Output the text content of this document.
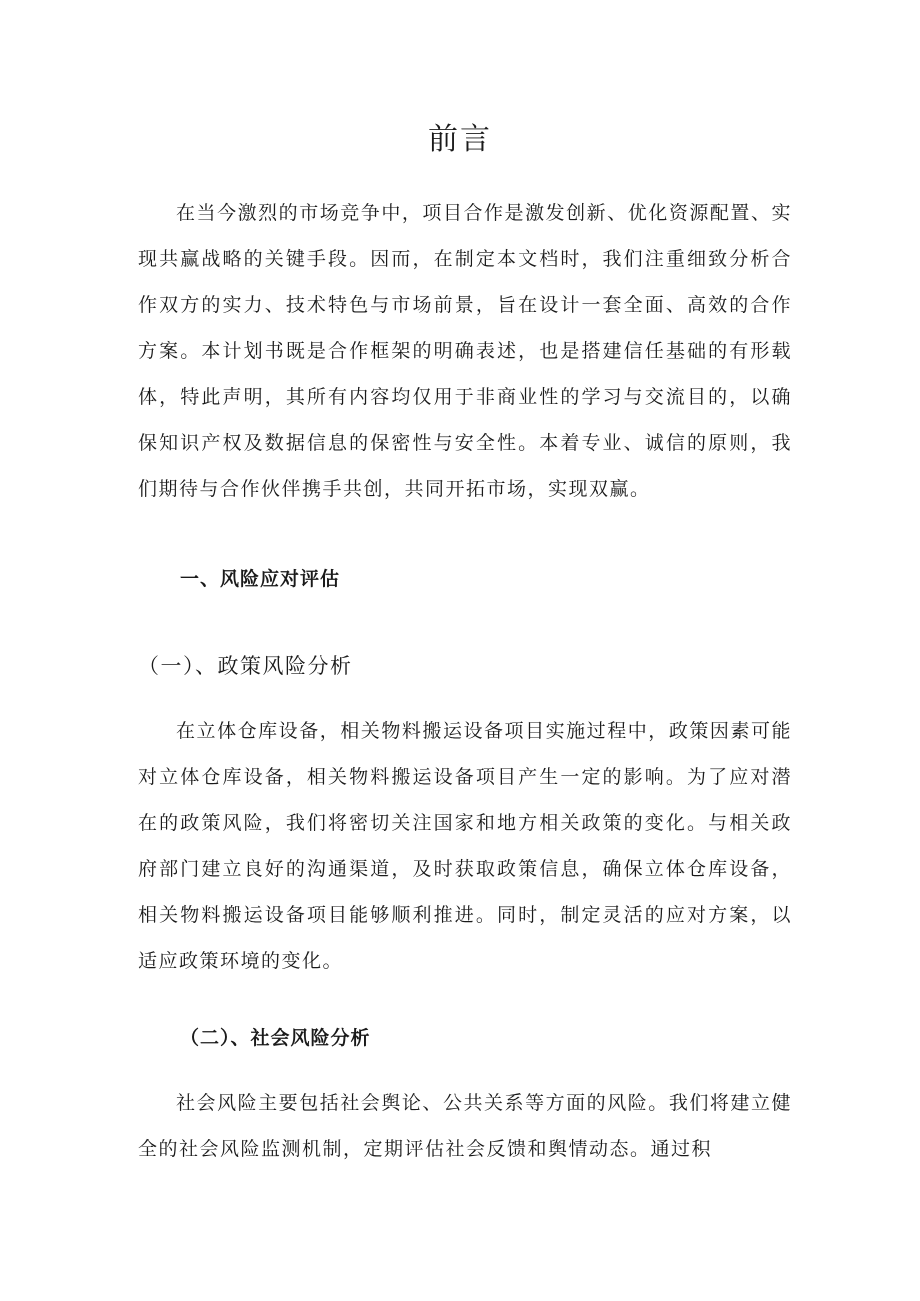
前言

在当今激烈的市场竞争中，项目合作是激发创新、优化资源配置、实现共赢战略的关键手段。因而，在制定本文档时，我们注重细致分析合作双方的实力、技术特色与市场前景，旨在设计一套全面、高效的合作方案。本计划书既是合作框架的明确表述，也是搭建信任基础的有形载体，特此声明，其所有内容均仅用于非商业性的学习与交流目的，以确保知识产权及数据信息的保密性与安全性。本着专业、诚信的原则，我们期待与合作伙伴携手共创，共同开拓市场，实现双赢。

一、风险应对评估
（一）、政策风险分析

在立体仓库设备，相关物料搬运设备项目实施过程中，政策因素可能对立体仓库设备，相关物料搬运设备项目产生一定的影响。为了应对潜在的政策风险，我们将密切关注国家和地方相关政策的变化。与相关政府部门建立良好的沟通渠道，及时获取政策信息，确保立体仓库设备，相关物料搬运设备项目能够顺利推进。同时，制定灵活的应对方案，以适应政策环境的变化。

（二）、社会风险分析

社会风险主要包括社会舆论、公共关系等方面的风险。我们将建立健全的社会风险监测机制，定期评估社会反馈和舆情动态。通过积
